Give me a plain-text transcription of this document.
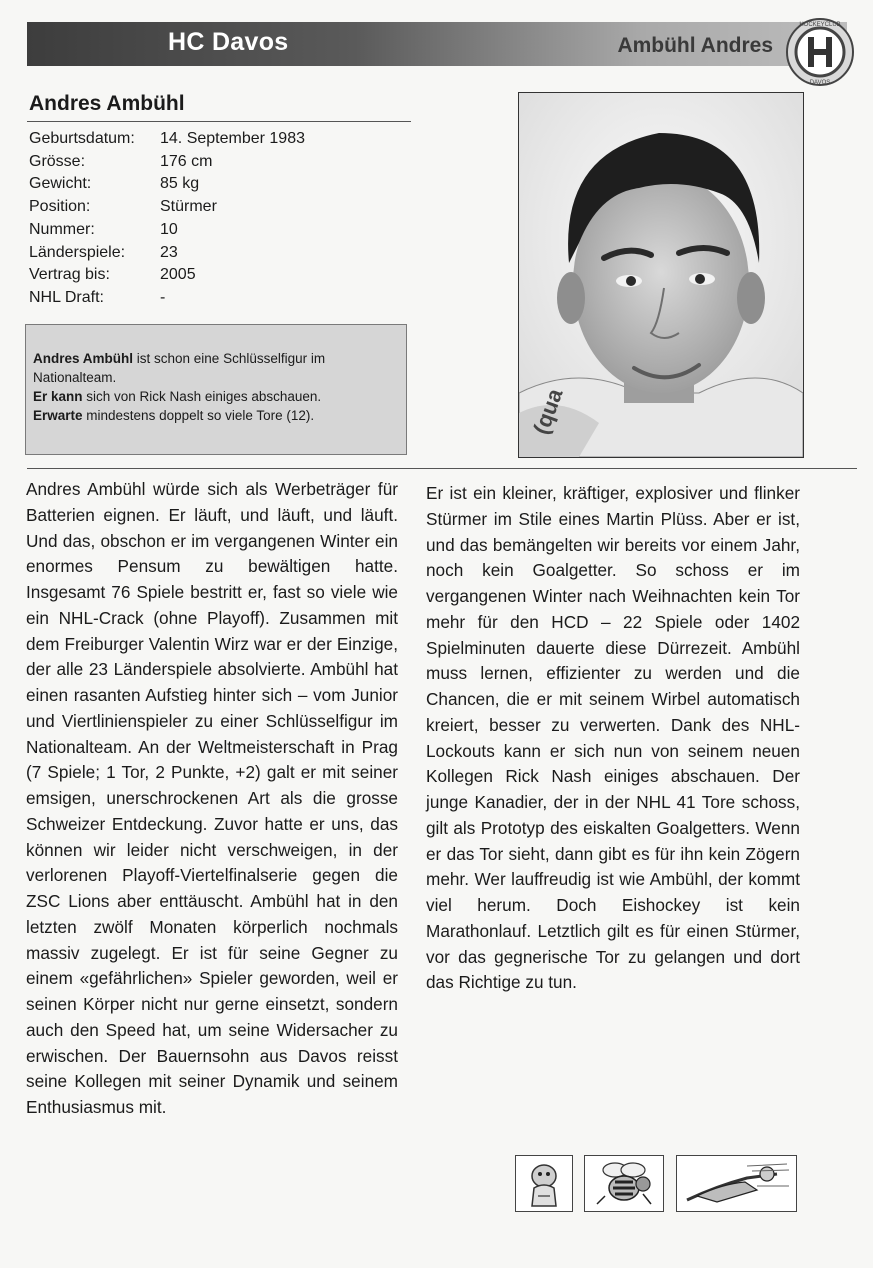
HC Davos	Ambühl Andres
HOCKEYCLUB
DAVOS
Andres Ambühl
Geburtsdatum:	14. September 1983
Grösse:	176 cm
Gewicht:	85 kg
Position:	Stürmer
Nummer:	10
Länderspiele:	23
Vertrag bis:	2005
NHL Draft:	-
Andres Ambühl ist schon eine Schlüsselfigur im Nationalteam.
Er kann sich von Rick Nash einiges abschauen.
Erwarte mindestens doppelt so viele Tore (12).	(qua
Andres Ambühl würde sich als Werbeträger für Batterien eignen. Er läuft, und läuft, und läuft. Und das, obschon er im vergangenen Winter ein enormes Pensum zu bewältigen hatte. Insgesamt 76 Spiele bestritt er, fast so viele wie ein NHL-Crack (ohne Playoff). Zusammen mit dem Freiburger Valentin Wirz war er der Einzige, der alle 23 Länderspiele absolvierte. Ambühl hat einen rasanten Aufstieg hinter sich – vom Junior und Viertlinienspieler zu einer Schlüsselfigur im Nationalteam. An der Weltmeisterschaft in Prag (7 Spiele; 1 Tor, 2 Punkte, +2) galt er mit seiner emsigen, unerschrockenen Art als die grosse Schweizer Entdeckung. Zuvor hatte er uns, das können wir leider nicht verschweigen, in der verlorenen Playoff-Viertelfinalserie gegen die ZSC Lions aber enttäuscht. Ambühl hat in den letzten zwölf Monaten körperlich nochmals massiv zugelegt. Er ist für seine Gegner zu einem «gefährlichen» Spieler geworden, weil er seinen Körper nicht nur gerne einsetzt, sondern auch den Speed hat, um seine Widersacher zu erwischen. Der Bauernsohn aus Davos reisst seine Kollegen mit seiner Dynamik und seinem Enthusiasmus mit.
Er ist ein kleiner, kräftiger, explosiver und flinker Stürmer im Stile eines Martin Plüss. Aber er ist, und das bemängelten wir bereits vor einem Jahr, noch kein Goalgetter. So schoss er im vergangenen Winter nach Weihnachten kein Tor mehr für den HCD – 22 Spiele oder 1402 Spielminuten dauerte diese Dürrezeit. Ambühl muss lernen, effizienter zu werden und die Chancen, die er mit seinem Wirbel automatisch kreiert, besser zu verwerten. Dank des NHL-Lockouts kann er sich nun von seinem neuen Kollegen Rick Nash einiges abschauen. Der junge Kanadier, der in der NHL 41 Tore schoss, gilt als Prototyp des eiskalten Goalgetters. Wenn er das Tor sieht, dann gibt es für ihn kein Zögern mehr. Wer lauffreudig ist wie Ambühl, der kommt viel herum. Doch Eishockey ist kein Marathonlauf. Letztlich gilt es für einen Stürmer, vor das gegnerische Tor zu gelangen und dort das Richtige zu tun.
